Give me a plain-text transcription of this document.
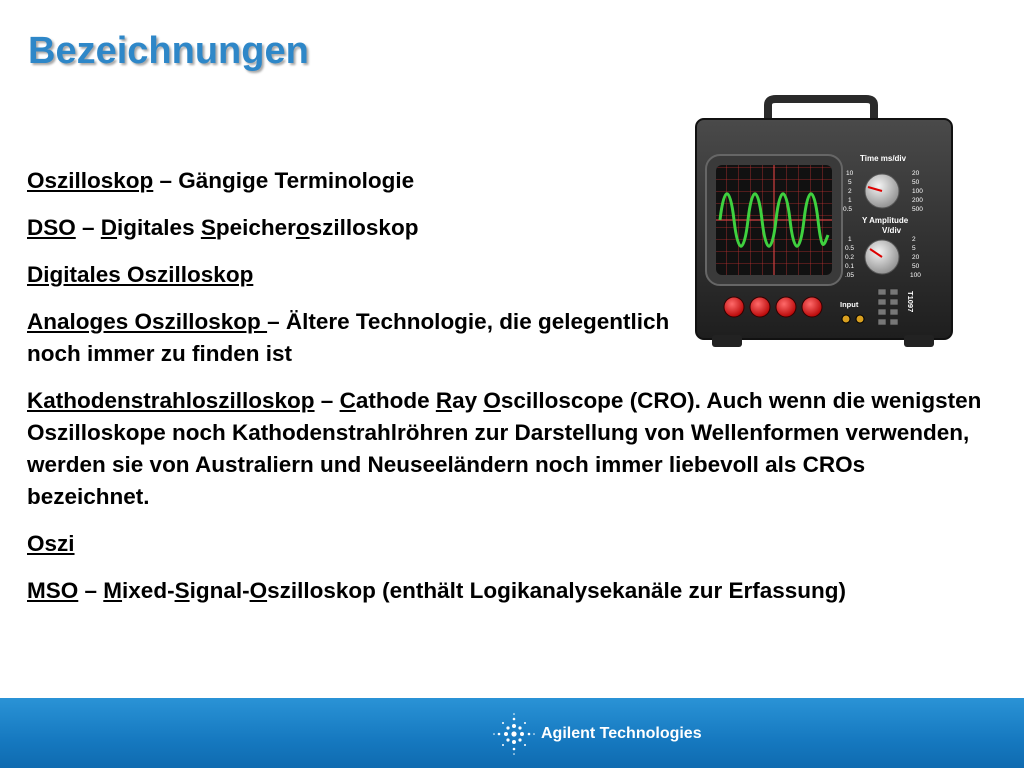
Bezeichnungen

Oszilloskop – Gängige Terminologie

DSO – Digitales Speicheroszilloskop

Digitales Oszilloskop

Analoges Oszilloskop – Ältere Technologie, die gelegentlich noch immer zu finden ist

Kathodenstrahloszilloskop – Cathode Ray Oscilloscope (CRO). Auch wenn die wenigsten Oszilloskope noch Kathodenstrahlröhren zur Darstellung von Wellenformen verwenden, werden sie von Australiern und Neuseeländern noch immer liebevoll als CROs bezeichnet.

Oszi

MSO – Mixed-Signal-Oszilloskop (enthält Logikanalysekanäle zur Erfassung)

Time ms/div
Y Amplitude
V/div
10
5
2
1
0.5
20
50
100
200
500
1
0.5
0.2
0.1
.05
2
5
20
50
100
Input	T1097
Agilent Technologies
